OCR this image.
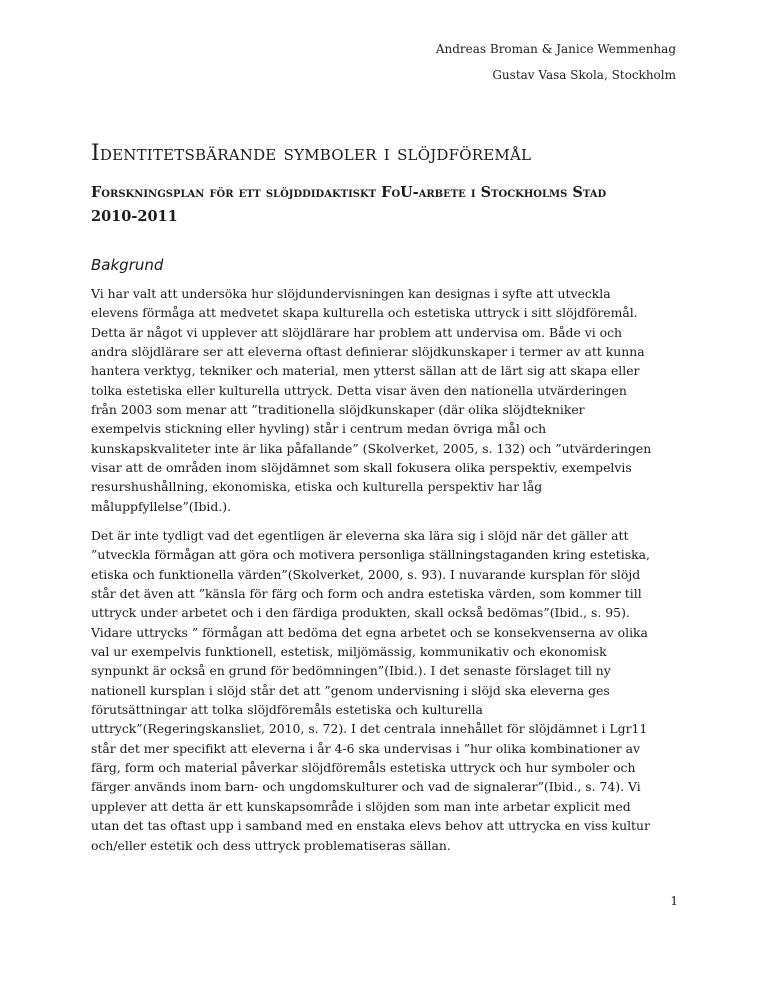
Andreas Broman & Janice Wemmenhag
Gustav Vasa Skola, Stockholm
Identitetsbärande symboler i slöjdföremål
Forskningsplan för ett slöjddidaktiskt FoU-arbete i Stockholms Stad
2010-2011
Bakgrund
Vi har valt att undersöka hur slöjdundervisningen kan designas i syfte att utveckla
elevens förmåga att medvetet skapa kulturella och estetiska uttryck i sitt slöjdföremål.
Detta är något vi upplever att slöjdlärare har problem att undervisa om. Både vi och
andra slöjdlärare ser att eleverna oftast definierar slöjdkunskaper i termer av att kunna
hantera verktyg, tekniker och material, men ytterst sällan att de lärt sig att skapa eller
tolka estetiska eller kulturella uttryck. Detta visar även den nationella utvärderingen
från 2003 som menar att ”traditionella slöjdkunskaper (där olika slöjdtekniker
exempelvis stickning eller hyvling) står i centrum medan övriga mål och
kunskapskvaliteter inte är lika påfallande” (Skolverket, 2005, s. 132) och ”utvärderingen
visar att de områden inom slöjdämnet som skall fokusera olika perspektiv, exempelvis
resurshushållning, ekonomiska, etiska och kulturella perspektiv har låg
måluppfyllelse”(Ibid.).
Det är inte tydligt vad det egentligen är eleverna ska lära sig i slöjd när det gäller att
”utveckla förmågan att göra och motivera personliga ställningstaganden kring estetiska,
etiska och funktionella värden”(Skolverket, 2000, s. 93). I nuvarande kursplan för slöjd
står det även att ”känsla för färg och form och andra estetiska värden, som kommer till
uttryck under arbetet och i den färdiga produkten, skall också bedömas”(Ibid., s. 95).
Vidare uttrycks ” förmågan att bedöma det egna arbetet och se konsekvenserna av olika
val ur exempelvis funktionell, estetisk, miljömässig, kommunikativ och ekonomisk
synpunkt är också en grund för bedömningen”(Ibid.). I det senaste förslaget till ny
nationell kursplan i slöjd står det att ”genom undervisning i slöjd ska eleverna ges
förutsättningar att tolka slöjdföremåls estetiska och kulturella
uttryck”(Regeringskansliet, 2010, s. 72). I det centrala innehållet för slöjdämnet i Lgr11
står det mer specifikt att eleverna i år 4-6 ska undervisas i ”hur olika kombinationer av
färg, form och material påverkar slöjdföremåls estetiska uttryck och hur symboler och
färger används inom barn- och ungdomskulturer och vad de signalerar”(Ibid., s. 74). Vi
upplever att detta är ett kunskapsområde i slöjden som man inte arbetar explicit med
utan det tas oftast upp i samband med en enstaka elevs behov att uttrycka en viss kultur
och/eller estetik och dess uttryck problematiseras sällan.
1
